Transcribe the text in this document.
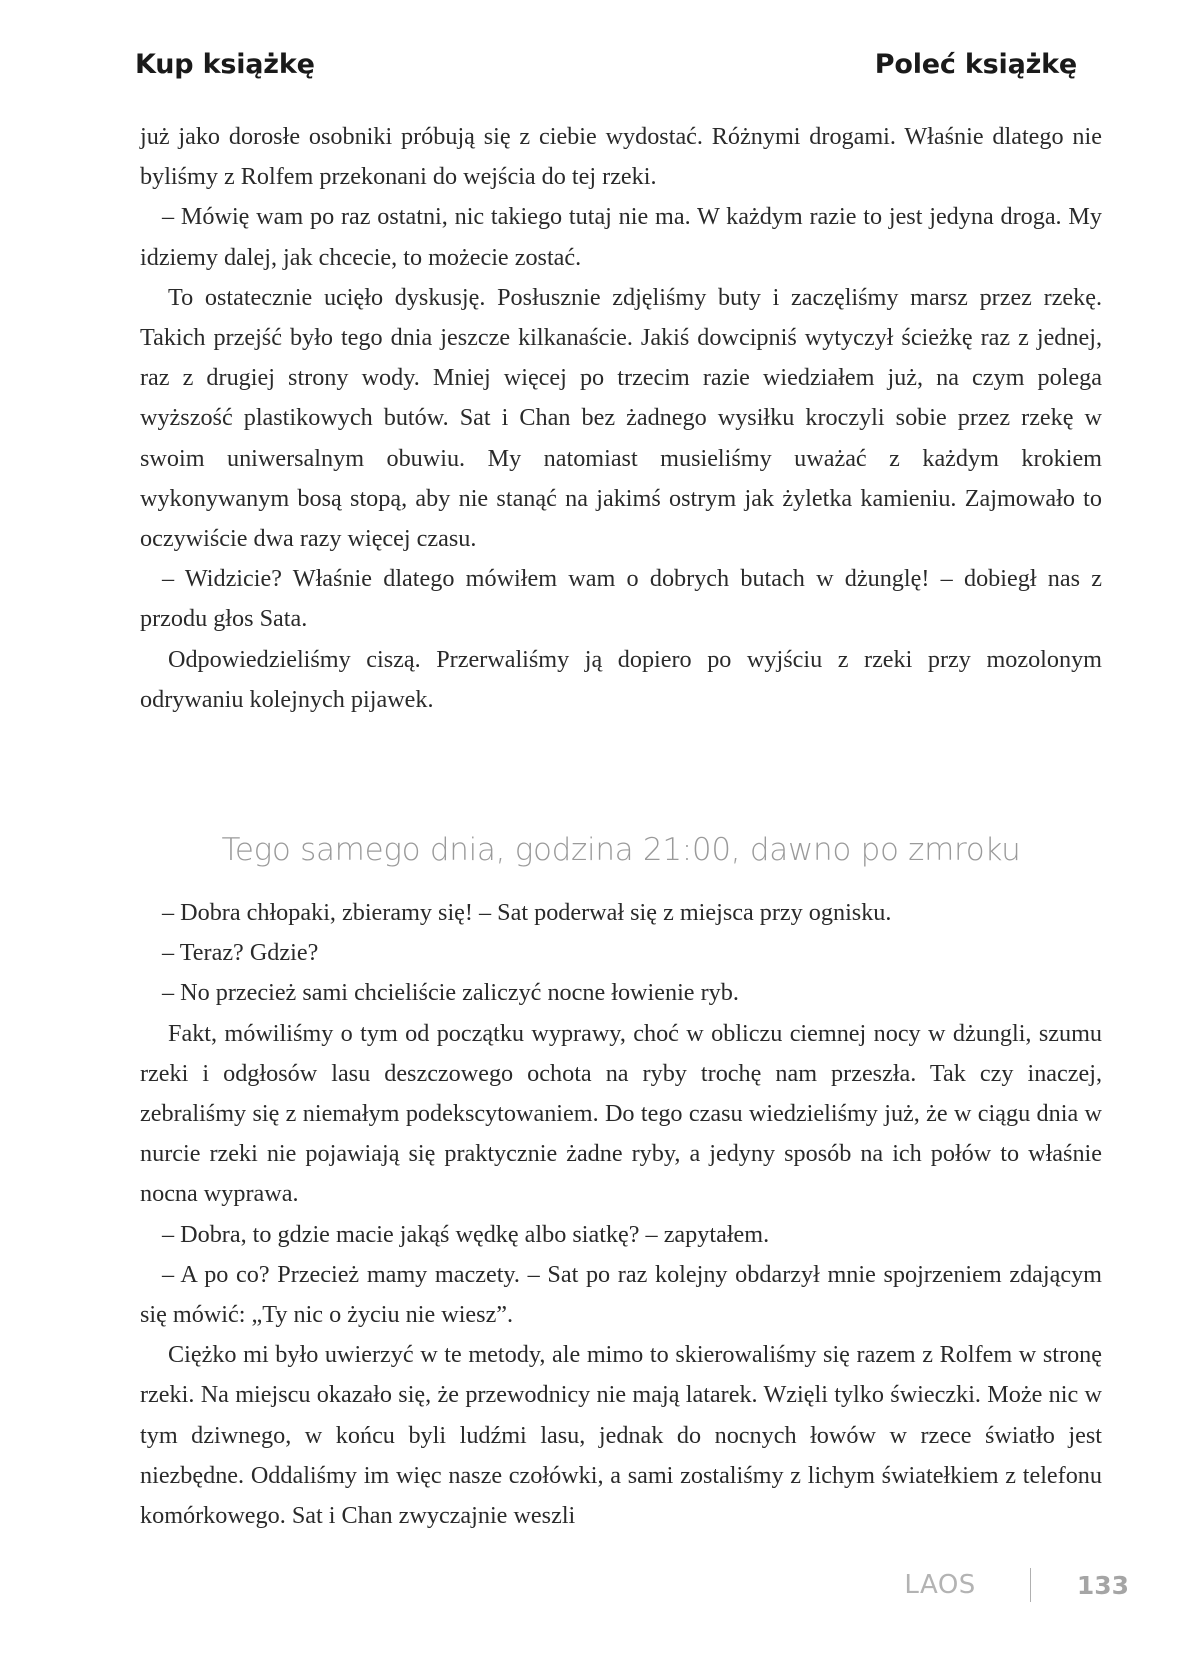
Kup książkę	Poleć książkę

już jako dorosłe osobniki próbują się z ciebie wydostać. Różnymi drogami. Właśnie dlatego nie byliśmy z Rolfem przekonani do wejścia do tej rzeki.

– Mówię wam po raz ostatni, nic takiego tutaj nie ma. W każdym razie to jest jedyna droga. My idziemy dalej, jak chcecie, to możecie zostać.

To ostatecznie ucięło dyskusję. Posłusznie zdjęliśmy buty i zaczęliśmy marsz przez rzekę. Takich przejść było tego dnia jeszcze kilkanaście. Jakiś dowcipniś wytyczył ścieżkę raz z jednej, raz z drugiej strony wody. Mniej więcej po trzecim razie wiedziałem już, na czym polega wyższość plastikowych butów. Sat i Chan bez żadnego wysiłku kroczyli sobie przez rzekę w swoim uniwersalnym obuwiu. My natomiast musieliśmy uważać z każdym krokiem wykonywanym bosą stopą, aby nie stanąć na jakimś ostrym jak żyletka kamieniu. Zajmowało to oczywiście dwa razy więcej czasu.

– Widzicie? Właśnie dlatego mówiłem wam o dobrych butach w dżunglę! – dobiegł nas z przodu głos Sata.

Odpowiedzieliśmy ciszą. Przerwaliśmy ją dopiero po wyjściu z rzeki przy mozolonym odrywaniu kolejnych pijawek.

Tego samego dnia, godzina 21:00, dawno po zmroku

– Dobra chłopaki, zbieramy się! – Sat poderwał się z miejsca przy ognisku.

– Teraz? Gdzie?

– No przecież sami chcieliście zaliczyć nocne łowienie ryb.

Fakt, mówiliśmy o tym od początku wyprawy, choć w obliczu ciemnej nocy w dżungli, szumu rzeki i odgłosów lasu deszczowego ochota na ryby trochę nam przeszła. Tak czy inaczej, zebraliśmy się z niemałym podekscytowaniem. Do tego czasu wiedzieliśmy już, że w ciągu dnia w nurcie rzeki nie pojawiają się praktycznie żadne ryby, a jedyny sposób na ich połów to właśnie nocna wyprawa.

– Dobra, to gdzie macie jakąś wędkę albo siatkę? – zapytałem.

– A po co? Przecież mamy maczety. – Sat po raz kolejny obdarzył mnie spojrzeniem zdającym się mówić: „Ty nic o życiu nie wiesz”.

Ciężko mi było uwierzyć w te metody, ale mimo to skierowaliśmy się razem z Rolfem w stronę rzeki. Na miejscu okazało się, że przewodnicy nie mają latarek. Wzięli tylko świeczki. Może nic w tym dziwnego, w końcu byli ludźmi lasu, jednak do nocnych łowów w rzece światło jest niezbędne. Oddaliśmy im więc nasze czołówki, a sami zostaliśmy z lichym światełkiem z telefonu komórkowego. Sat i Chan zwyczajnie weszli

LAOS	133
